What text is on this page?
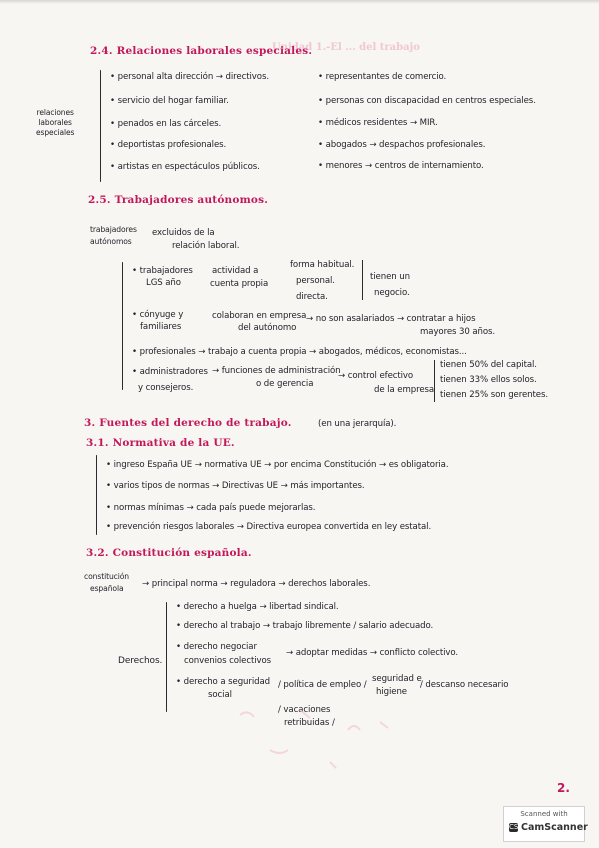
Unidad 1.-El ... del trabajo
2.4. Relaciones laborales especiales.
relaciones
laborales
especiales
• personal alta dirección → directivos.
• servicio del hogar familiar.
• penados en las cárceles.
• deportistas profesionales.
• artistas en espectáculos públicos.
• representantes de comercio.
• personas con discapacidad en centros especiales.
• médicos residentes → MIR.
• abogados → despachos profesionales.
• menores → centros de internamiento.
2.5. Trabajadores autónomos.
trabajadores
autónomos
excluidos de la
relación laboral.
• trabajadores
LGS año
actividad a
cuenta propia
forma habitual.
personal.
directa.
tienen un
negocio.
• cónyuge y
familiares
colaboran en empresa
del autónomo
→ no son asalariados → contratar a hijos
mayores 30 años.
• profesionales → trabajo a cuenta propia → abogados, médicos, economistas...
• administradores → funciones de administración
o de gerencia
→ control efectivo
de la empresa
tienen 50% del capital.
tienen 33% ellos solos.
tienen 25% son gerentes.
y consejeros.
3. Fuentes del derecho de trabajo.	(en una jerarquía).
3.1. Normativa de la UE.
• ingreso España UE → normativa UE → por encima Constitución → es obligatoria.
• varios tipos de normas → Directivas UE → más importantes.
• normas mínimas → cada país puede mejorarlas.
• prevención riesgos laborales → Directiva europea convertida en ley estatal.
3.2. Constitución española.
constitución
española → principal norma → reguladora → derechos laborales.
Derechos.
• derecho a huelga → libertad sindical.
• derecho al trabajo → trabajo libremente / salario adecuado.
• derecho negociar
convenios colectivos
→ adoptar medidas → conflicto colectivo.
• derecho a seguridad
social
/ política de empleo /
seguridad e
higiene
/ descanso necesario
/ vacaciones
retribuidas /
2.
Scanned with
CS CamScanner
